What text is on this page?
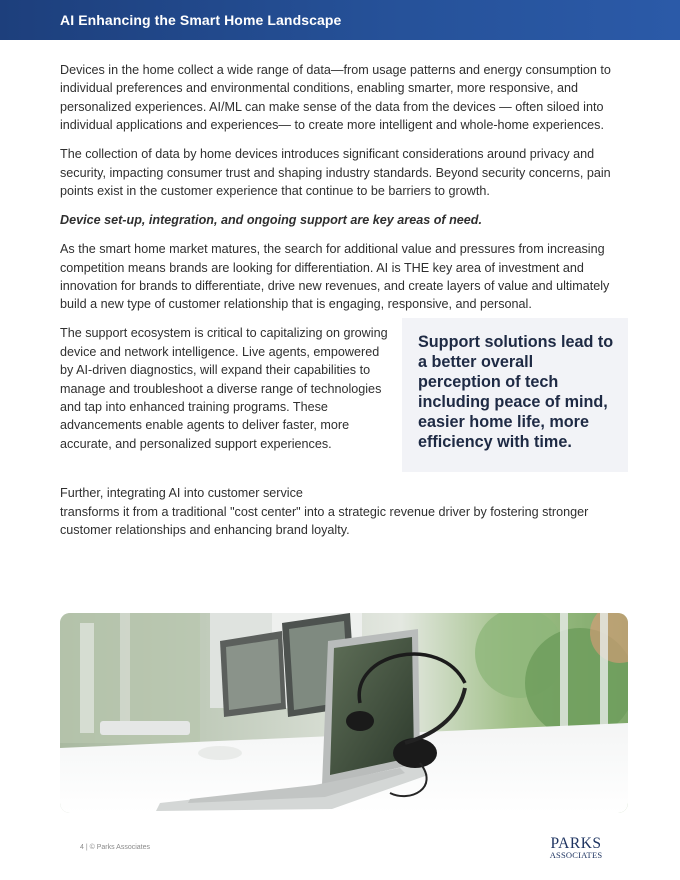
AI Enhancing the Smart Home Landscape

Devices in the home collect a wide range of data—from usage patterns and energy consumption to individual preferences and environmental conditions, enabling smarter, more responsive, and personalized experiences. AI/ML can make sense of the data from the devices — often siloed into individual applications and experiences— to create more intelligent and whole-home experiences.

The collection of data by home devices introduces significant considerations around privacy and security, impacting consumer trust and shaping industry standards. Beyond security concerns, pain points exist in the customer experience that continue to be barriers to growth.

Device set-up, integration, and ongoing support are key areas of need.

As the smart home market matures, the search for additional value and pressures from increasing competition means brands are looking for differentiation. AI is THE key area of investment and innovation for brands to differentiate, drive new revenues, and create layers of value and ultimately build a new type of customer relationship that is engaging, responsive, and personal.

The support ecosystem is critical to capitalizing on growing device and network intelligence. Live agents, empowered by AI-driven diagnostics, will expand their capabilities to manage and troubleshoot a diverse range of technologies and tap into enhanced training programs. These advancements enable agents to deliver faster, more accurate, and personalized support experiences.

Support solutions lead to a better overall perception of tech including peace of mind, easier home life, more efficiency with time.

Further, integrating AI into customer service
transforms it from a traditional "cost center" into a strategic revenue driver by fostering stronger customer relationships and enhancing brand loyalty.

4 | © Parks Associates	PARKS
ASSOCIATES
